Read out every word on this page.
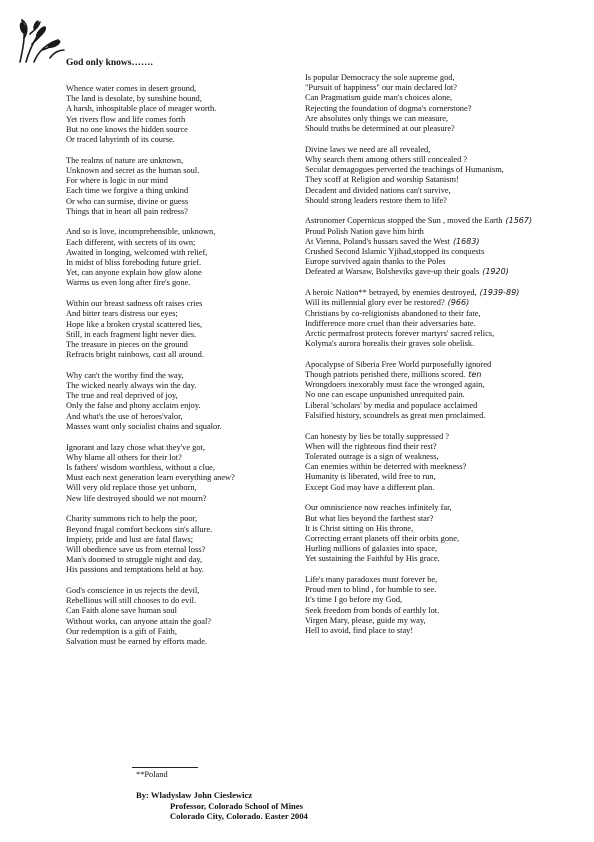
God only knows…….
Whence water comes in desert ground,
The land is desolate, by sunshine bound,
A harsh, inhospitable place of meager worth.
Yet rivers flow and life comes forth
But no one knows the hidden source
Or traced labyrinth of its course.
The realms of nature are unknown,
Unknown and secret as the human soul.
For where is logic in our mind
Each time we forgive a thing unkind
Or who can surmise, divine or guess
Things that in heart all pain redress?
And so is love, incomprehensible, unknown,
Each different, with secrets of its own;
Awaited in longing, welcomed with relief,
In midst of bliss foreboding future grief.
Yet, can anyone explain how glow alone
Warms us even long after fire's gone.
Within our breast sadness oft raises cries
And bitter tears distress our eyes;
Hope like a broken crystal scattered lies,
Still, in each fragment light never dies.
The treasure in pieces on the ground
Refracts bright rainbows, cast all around.
Why can't the worthy find the way,
The wicked nearly always win the day.
The true and real deprived of joy,
Only the false and phony acclaim enjoy.
And what's the use of heroes'valor,
Masses want only socialist chains and squalor.
Ignorant and lazy chose what they've got,
Why blame all others for their lot?
Is fathers' wisdom worthless, without a clue,
Must each next generation learn everything anew?
Will very old replace those yet unborn,
New life destroyed should we not mourn?
Charity summons rich to help the poor,
Beyond frugal comfort beckons sin's allure.
Impiety, pride and lust are fatal flaws;
Will obedience save us from eternal loss?
Man's doomed to struggle night and day,
His passions and temptations held at bay.
God's conscience in us rejects the devil,
Rebellious will still chooses to do evil.
Can Faith alone save human soul
Without works, can anyone attain the goal?
Our redemption is a gift of Faith,
Salvation must be earned by efforts made.
Is popular Democracy the sole supreme god,
"Pursuit of happiness" our main declared lot?
Can Pragmatism guide man's choices alone,
Rejecting the foundation of dogma's cornerstone?
Are absolutes only things we can measure,
Should truths be determined at our pleasure?
Divine laws we need are all revealed,
Why search them among others still concealed ?
Secular demagogues perverted the teachings of Humanism,
They scoff at Religion and worship Satanism!
Decadent and divided nations can't survive,
Should strong leaders restore them to life?
Astronomer Copernicus stopped the Sun , moved the Earth (1567)
Proud Polish Nation gave him birth
At Vienna, Poland's hussars saved the West (1683)
Crushed Second Islamic Yjihad,stopped its conquests
Europe survived again thanks to the Poles
Defeated at Warsaw, Bolsheviks gave-up their goals (1920)
A heroic Nation** betrayed, by enemies destroyed, (1939-89)
Will its millennial glory ever be restored? (966)
Christians by co-religionists abandoned to their fate,
Indifference more cruel than their adversaries hate.
Arctic permafrost protects forever martyrs' sacred relics,
Kolyma's aurora borealis their graves sole obelisk.
Apocalypse of Siberia Free World purposefully ignored
Though patriots perished there, millions scored. ten
Wrongdoers inexorably must face the wronged again,
No one can escape unpunished unrequited pain.
Liberal 'scholars' by media and populace acclaimed
Falsified history, scoundrels as great men proclaimed.
Can honesty by lies be totally suppressed ?
When will the righteous find their rest?
Tolerated outrage is a sign of weakness,
Can enemies within be deterred with meekness?
Humanity is liberated, wild free to run,
Except God may have a different plan.
Our omniscience now reaches infinitely far,
But what lies beyond the farthest star?
It is Christ sitting on His throne,
Correcting errant planets off their orbits gone,
Hurling millions of galaxies into space,
Yet sustaining the Faithful by His grace.
Life's many paradoxes must forever be,
Proud men to blind , for humble to see.
It's time I go before my God,
Seek freedom from bonds of earthly lot.
Virgen Mary, please, guide my way,
Hell to avoid, find place to stay!
**Poland
By: Wladyslaw John Cieslewicz
Professor, Colorado School of Mines
Colorado City, Colorado. Easter 2004
